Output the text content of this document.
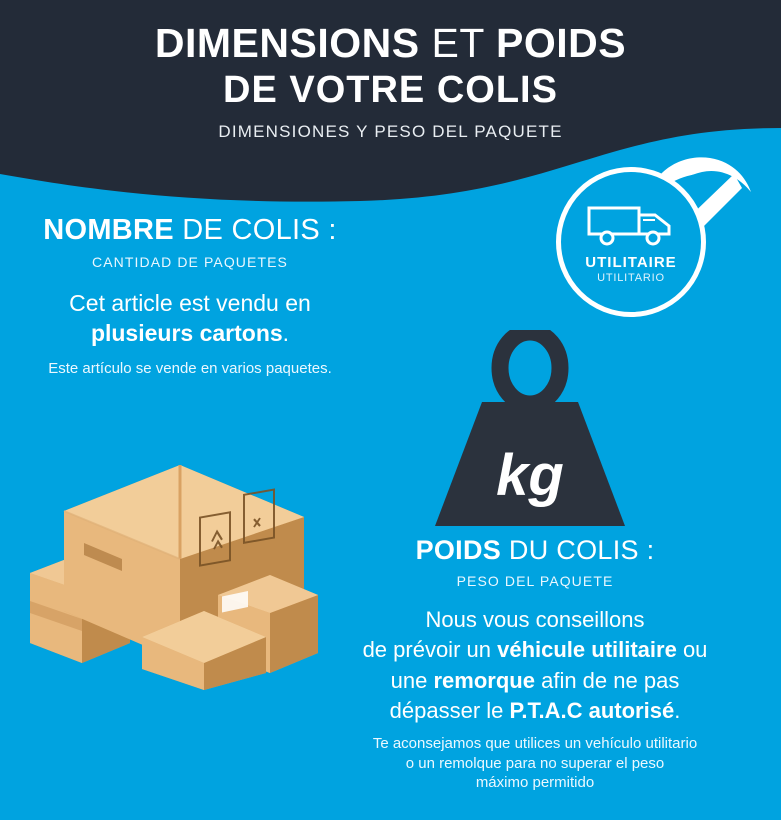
DIMENSIONS ET POIDS
DE VOTRE COLIS
DIMENSIONES Y PESO DEL PAQUETE
UTILITAIRE
UTILITARIO
NOMBRE DE COLIS :
CANTIDAD DE PAQUETES
Cet article est vendu en
plusieurs cartons.
Este artículo se vende en varios paquetes.
kg
POIDS DU COLIS :
PESO DEL PAQUETE
Nous vous conseillons
de prévoir un véhicule utilitaire ou
une remorque afin de ne pas
dépasser le P.T.A.C autorisé.
Te aconsejamos que utilices un vehículo utilitario
o un remolque para no superar el peso
máximo permitido
